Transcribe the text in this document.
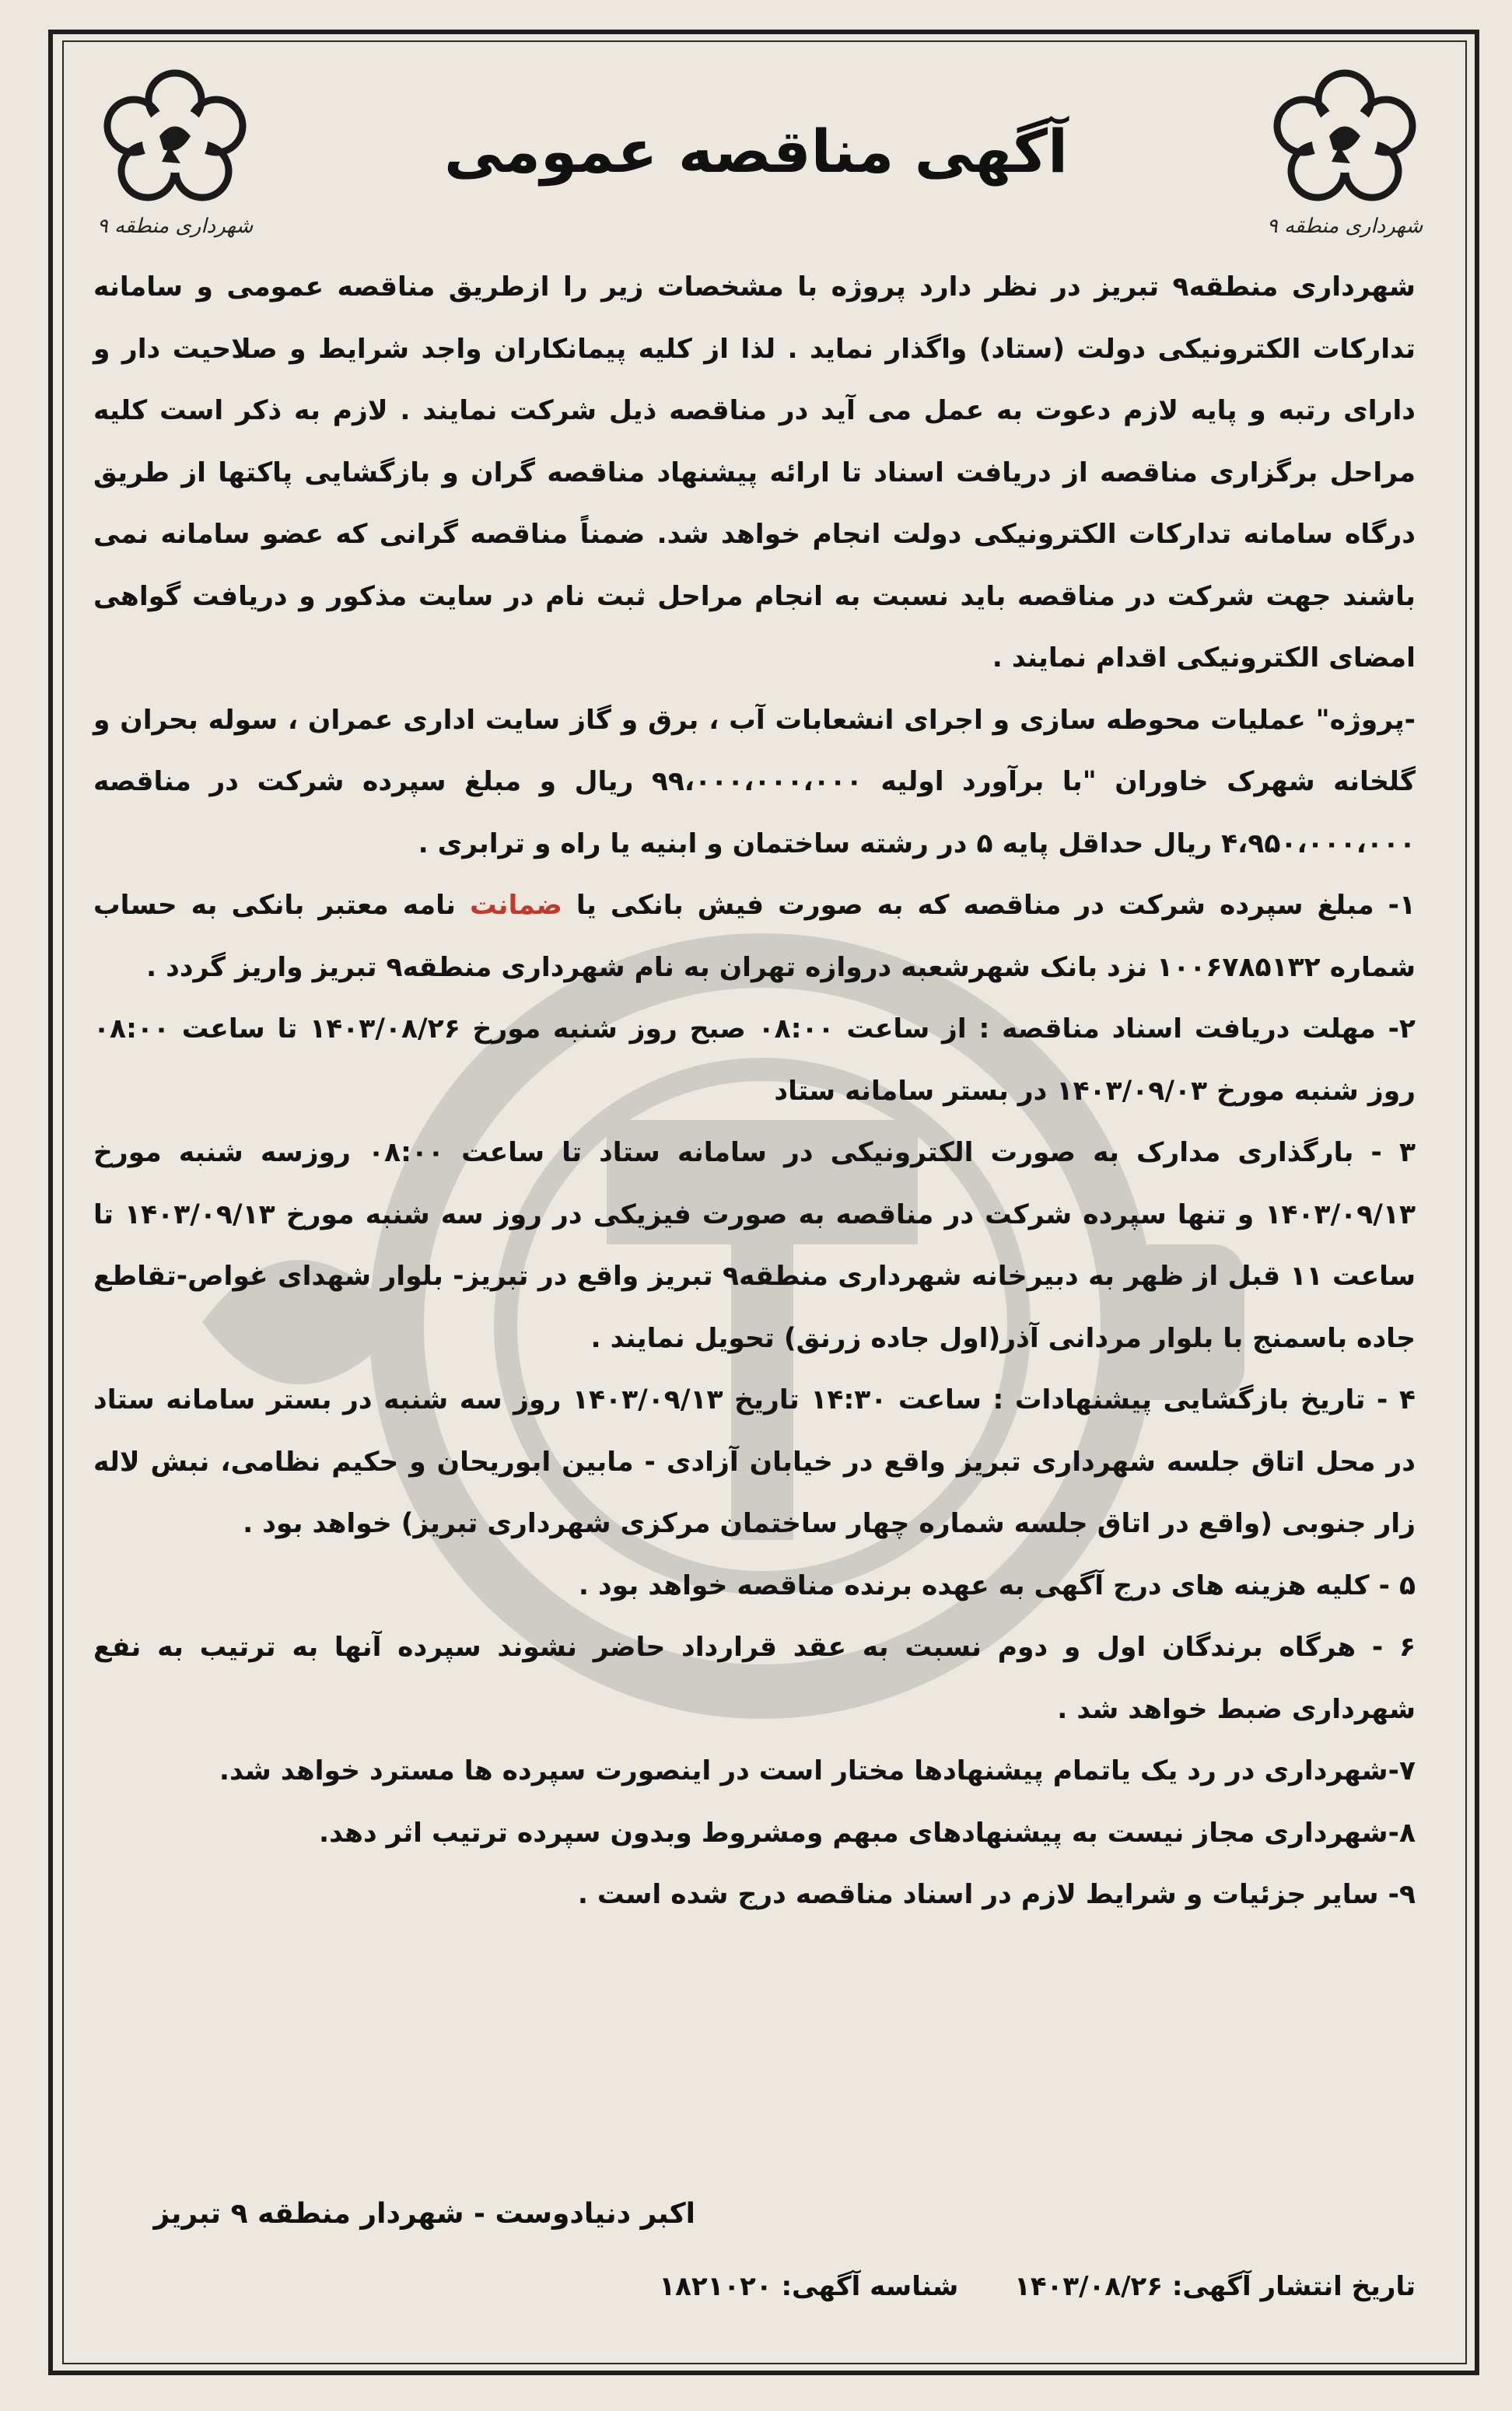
شهرداری منطقه ۹
شهرداری منطقه ۹
آگهی مناقصه عمومی

شهرداری منطقه۹ تبریز در نظر دارد پروژه با مشخصات زیر را ازطریق مناقصه عمومی و سامانه تدارکات الکترونیکی دولت (ستاد) واگذار نماید . لذا از کلیه پیمانکاران واجد شرایط و صلاحیت دار و دارای رتبه و پایه لازم دعوت به عمل می آید در مناقصه ذیل شرکت نمایند . لازم به ذکر است کلیه مراحل برگزاری مناقصه از دریافت اسناد تا ارائه پیشنهاد مناقصه گران و بازگشایی پاکتها از طریق درگاه سامانه تدارکات الکترونیکی دولت انجام خواهد شد. ضمناً مناقصه گرانی که عضو سامانه نمی باشند جهت شرکت در مناقصه باید نسبت به انجام مراحل ثبت نام در سایت مذکور و دریافت گواهی امضای الکترونیکی اقدام نمایند .

-پروژه" عملیات محوطه سازی و اجرای انشعابات آب ، برق و گاز سایت اداری عمران ، سوله بحران و گلخانه شهرک خاوران "با برآورد اولیه ۹۹،۰۰۰،۰۰۰،۰۰۰ ریال و مبلغ سپرده شرکت در مناقصه ۴،۹۵۰،۰۰۰،۰۰۰ ریال حداقل پایه ۵ در رشته ساختمان و ابنیه یا راه و ترابری .

۱- مبلغ سپرده شرکت در مناقصه که به صورت فیش بانکی یا ضمانت نامه معتبر بانکی به حساب شماره ۱۰۰۶۷۸۵۱۳۲ نزد بانک شهرشعبه دروازه تهران به نام شهرداری منطقه۹ تبریز واریز گردد .

۲- مهلت دریافت اسناد مناقصه : از ساعت ۰۸:۰۰ صبح روز شنبه مورخ ۱۴۰۳/۰۸/۲۶ تا ساعت ۰۸:۰۰ روز شنبه مورخ ۱۴۰۳/۰۹/۰۳ در بستر سامانه ستاد

۳ - بارگذاری مدارک به صورت الکترونیکی در سامانه ستاد تا ساعت ۰۸:۰۰ روزسه شنبه مورخ ۱۴۰۳/۰۹/۱۳ و تنها سپرده شرکت در مناقصه به صورت فیزیکی در روز سه شنبه مورخ ۱۴۰۳/۰۹/۱۳ تا ساعت ۱۱ قبل از ظهر به دبیرخانه شهرداری منطقه۹ تبریز واقع در تبریز- بلوار شهدای غواص-تقاطع جاده باسمنج با بلوار مردانی آذر(اول جاده زرنق) تحویل نمایند .

۴ - تاریخ بازگشایی پیشنهادات : ساعت ۱۴:۳۰ تاریخ ۱۴۰۳/۰۹/۱۳ روز سه شنبه در بستر سامانه ستاد در محل اتاق جلسه شهرداری تبریز واقع در خیابان آزادی - مابین ابوریحان و حکیم نظامی، نبش لاله زار جنوبی (واقع در اتاق جلسه شماره چهار ساختمان مرکزی شهرداری تبریز) خواهد بود .

۵ - کلیه هزینه های درج آگهی به عهده برنده مناقصه خواهد بود .

۶ - هرگاه برندگان اول و دوم نسبت به عقد قرارداد حاضر نشوند سپرده آنها به ترتیب به نفع شهرداری ضبط خواهد شد .

۷-شهرداری در رد یک یاتمام پیشنهادها مختار است در اینصورت سپرده ها مسترد خواهد شد.

۸-شهرداری مجاز نیست به پیشنهادهای مبهم ومشروط وبدون سپرده ترتیب اثر دهد.

۹- سایر جزئیات و شرایط لازم در اسناد مناقصه درج شده است .

اکبر دنیادوست - شهردار منطقه ۹ تبریز
تاریخ انتشار آگهی: ۱۴۰۳/۰۸/۲۶ شناسه آگهی: ۱۸۲۱۰۲۰
